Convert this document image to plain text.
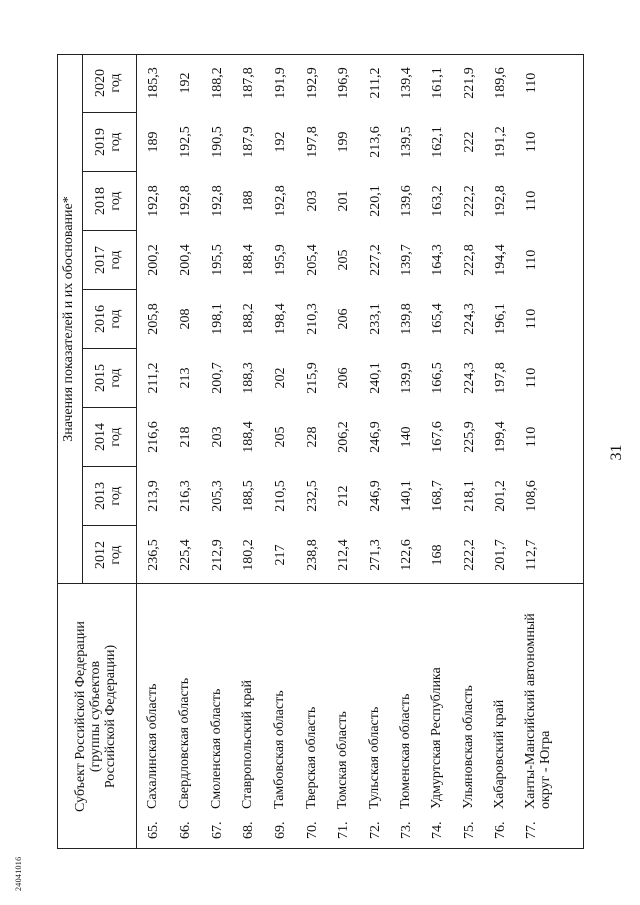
31
24041016
Субъект Российской Федерации (группы субъектов Российской Федерации)
Значения показателей и их обоснование*
2012 год
2013 год
2014 год
2015 год
2016 год
2017 год
2018 год
2019 год
2020 год
65.
Сахалинская область
236,5
213,9
216,6
211,2
205,8
200,2
192,8
189
185,3
66.
Свердловская область
225,4
216,3
218
213
208
200,4
192,8
192,5
192
67.
Смоленская область
212,9
205,3
203
200,7
198,1
195,5
192,8
190,5
188,2
68.
Ставропольский край
180,2
188,5
188,4
188,3
188,2
188,4
188
187,9
187,8
69.
Тамбовская область
217
210,5
205
202
198,4
195,9
192,8
192
191,9
70.
Тверская область
238,8
232,5
228
215,9
210,3
205,4
203
197,8
192,9
71.
Томская область
212,4
212
206,2
206
206
205
201
199
196,9
72.
Тульская область
271,3
246,9
246,9
240,1
233,1
227,2
220,1
213,6
211,2
73.
Тюменская область
122,6
140,1
140
139,9
139,8
139,7
139,6
139,5
139,4
74.
Удмуртская Республика
168
168,7
167,6
166,5
165,4
164,3
163,2
162,1
161,1
75.
Ульяновская область
222,2
218,1
225,9
224,3
224,3
222,8
222,2
222
221,9
76.
Хабаровский край
201,7
201,2
199,4
197,8
196,1
194,4
192,8
191,2
189,6
77.
Ханты-Мансийский автономный округ - Югра
112,7
108,6
110
110
110
110
110
110
110
